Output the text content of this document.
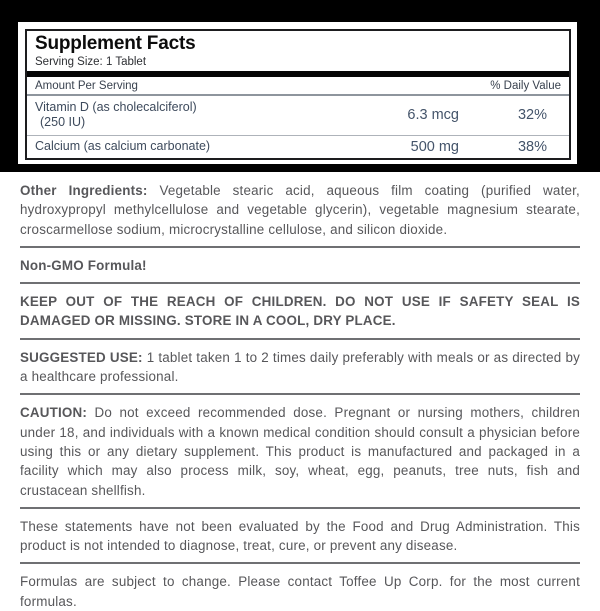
Supplement Facts
Serving Size: 1 Tablet
Amount Per Serving	% Daily Value
Vitamin D (as cholecalciferol)
(250 IU)	6.3 mcg	32%
Calcium (as calcium carbonate)	500 mg	38%

Other Ingredients: Vegetable stearic acid, aqueous film coating (purified water, hydroxypropyl methylcellulose and vegetable glycerin), vegetable magnesium stearate, croscarmellose sodium, microcrystalline cellulose, and silicon dioxide.

Non-GMO Formula!

KEEP OUT OF THE REACH OF CHILDREN. DO NOT USE IF SAFETY SEAL IS DAMAGED OR MISSING. STORE IN A COOL, DRY PLACE.

SUGGESTED USE: 1 tablet taken 1 to 2 times daily preferably with meals or as directed by a healthcare professional.

CAUTION: Do not exceed recommended dose. Pregnant or nursing mothers, children under 18, and individuals with a known medical condition should consult a physician before using this or any dietary supplement. This product is manufactured and packaged in a facility which may also process milk, soy, wheat, egg, peanuts, tree nuts, fish and crustacean shellfish.

These statements have not been evaluated by the Food and Drug Administration. This product is not intended to diagnose, treat, cure, or prevent any disease.

Formulas are subject to change. Please contact Toffee Up Corp. for the most current formulas.
